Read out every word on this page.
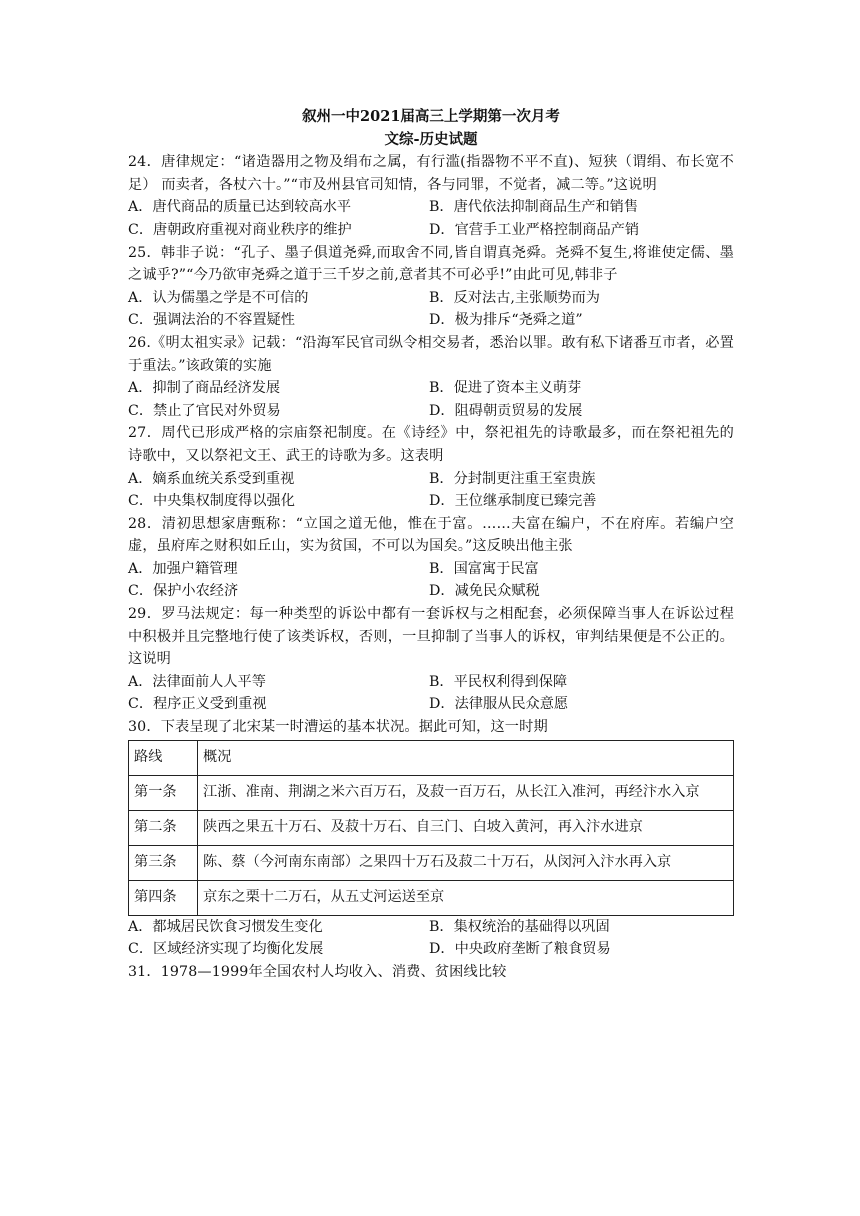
叙州一中2021届高三上学期第一次月考
文综-历史试题

24．唐律规定：“诸造器用之物及绢布之属，有行滥(指器物不平不直)、短狭（谓绢、布长宽不足） 而卖者，各杖六十。”“市及州县官司知情，各与同罪，不觉者，减二等。”这说明

A．唐代商品的质量已达到较高水平	B．唐代依法抑制商品生产和销售
C．唐朝政府重视对商业秩序的维护	D．官营手工业严格控制商品产销

25．韩非子说：“孔子、墨子俱道尧舜,而取舍不同,皆自谓真尧舜。尧舜不复生,将谁使定儒、墨之诚乎?”“今乃欲审尧舜之道于三千岁之前,意者其不可必乎!”由此可见,韩非子

A．认为儒墨之学是不可信的	B．反对法古,主张顺势而为
C．强调法治的不容置疑性	D．极为排斥“尧舜之道”

26.《明太祖实录》记载：“沿海军民官司纵令相交易者，悉治以罪。敢有私下诸番互市者，必置于重法。”该政策的实施

A．抑制了商品经济发展	B．促进了资本主义萌芽
C．禁止了官民对外贸易	D．阻碍朝贡贸易的发展

27．周代已形成严格的宗庙祭祀制度。在《诗经》中，祭祀祖先的诗歌最多，而在祭祀祖先的诗歌中，又以祭祀文王、武王的诗歌为多。这表明

A．嫡系血统关系受到重视	B．分封制更注重王室贵族
C．中央集权制度得以强化	D．王位继承制度已臻完善

28．清初思想家唐甄称：“立国之道无他，惟在于富。……夫富在编户，不在府库。若编户空虚，虽府库之财积如丘山，实为贫国，不可以为国矣。”这反映出他主张

A．加强户籍管理	B．国富寓于民富
C．保护小农经济	D．减免民众赋税

29．罗马法规定：每一种类型的诉讼中都有一套诉权与之相配套，必须保障当事人在诉讼过程中积极并且完整地行使了该类诉权，否则，一旦抑制了当事人的诉权，审判结果便是不公正的。这说明

A．法律面前人人平等	B．平民权利得到保障
C．程序正义受到重视	D．法律服从民众意愿

30．下表呈现了北宋某一时漕运的基本状况。据此可知，这一时期

路线	概况
第一条	江浙、准南、荆湖之米六百万石，及菽一百万石，从长江入准河，再经汴水入京
第二条	陕西之果五十万石、及菽十万石、自三门、白坡入黄河，再入汴水进京
第三条	陈、蔡（今河南东南部）之果四十万石及菽二十万石，从闵河入汴水再入京
第四条	京东之栗十二万石，从五丈河运送至京
A．都城居民饮食习惯发生变化	B．集权统治的基础得以巩固
C．区域经济实现了均衡化发展	D．中央政府垄断了粮食贸易

31．1978—1999年全国农村人均收入、消费、贫困线比较
